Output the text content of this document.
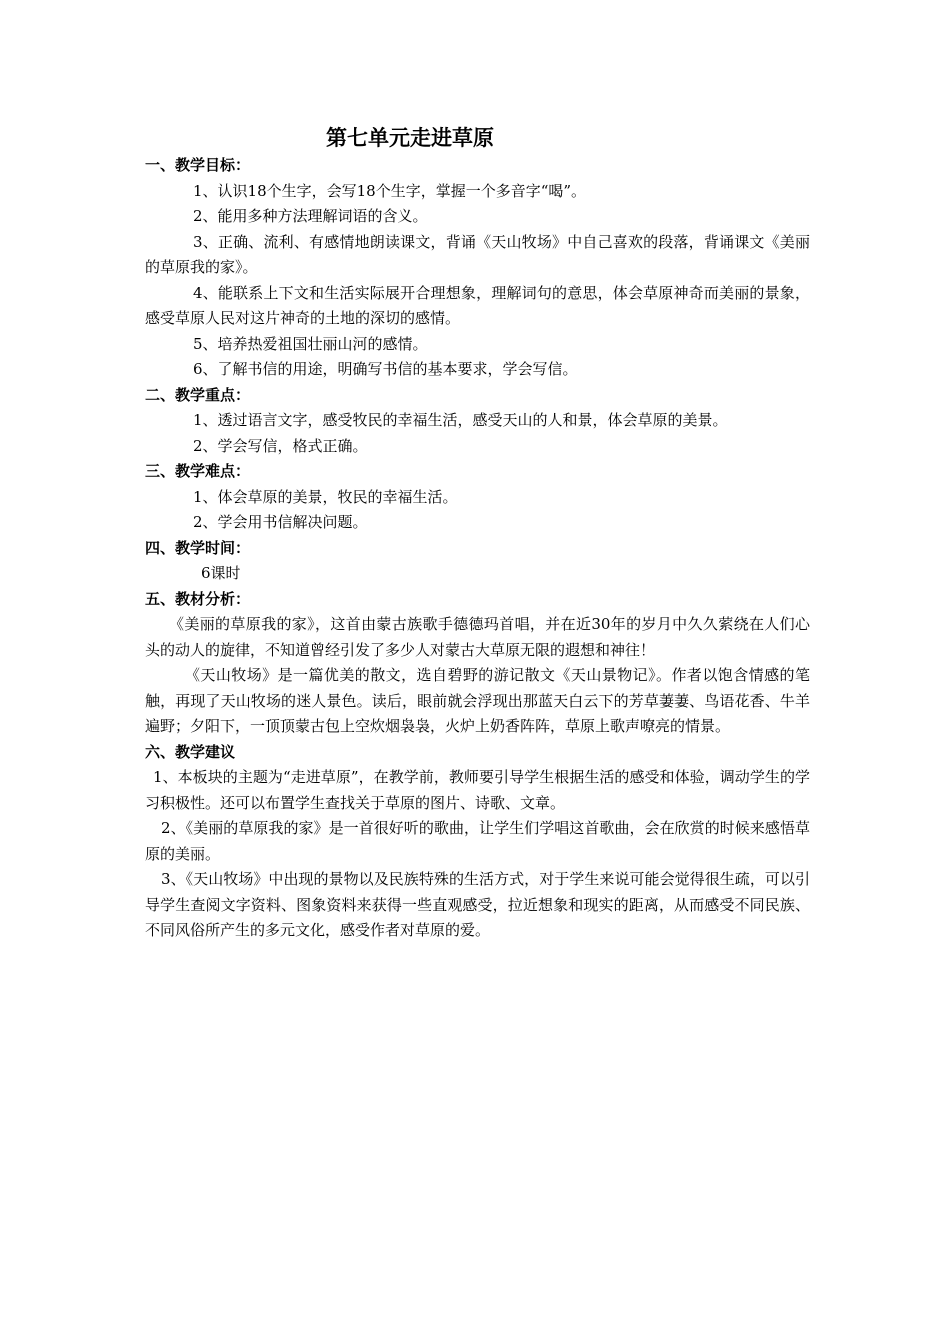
第七单元走进草原
一、教学目标：

1、认识18个生字，会写18个生字，掌握一个多音字“喝”。

2、能用多种方法理解词语的含义。

3、正确、流利、有感情地朗读课文，背诵《天山牧场》中自己喜欢的段落，背诵课文《美丽的草原我的家》。

4、能联系上下文和生活实际展开合理想象，理解词句的意思，体会草原神奇而美丽的景象，感受草原人民对这片神奇的土地的深切的感情。

5、培养热爱祖国壮丽山河的感情。

6、了解书信的用途，明确写书信的基本要求，学会写信。

二、教学重点：

1、透过语言文字，感受牧民的幸福生活，感受天山的人和景，体会草原的美景。

2、学会写信，格式正确。

三、教学难点：

1、体会草原的美景，牧民的幸福生活。

2、学会用书信解决问题。

四、教学时间：

6课时

五、教材分析：

《美丽的草原我的家》，这首由蒙古族歌手德德玛首唱，并在近30年的岁月中久久萦绕在人们心头的动人的旋律，不知道曾经引发了多少人对蒙古大草原无限的遐想和神往！

《天山牧场》是一篇优美的散文，选自碧野的游记散文《天山景物记》。作者以饱含情感的笔触，再现了天山牧场的迷人景色。读后，眼前就会浮现出那蓝天白云下的芳草萋萋、鸟语花香、牛羊遍野；夕阳下，一顶顶蒙古包上空炊烟袅袅，火炉上奶香阵阵，草原上歌声嘹亮的情景。

六、教学建议

1、本板块的主题为“走进草原”，在教学前，教师要引导学生根据生活的感受和体验，调动学生的学习积极性。还可以布置学生查找关于草原的图片、诗歌、文章。

2、《美丽的草原我的家》是一首很好听的歌曲，让学生们学唱这首歌曲，会在欣赏的时候来感悟草原的美丽。

3、《天山牧场》中出现的景物以及民族特殊的生活方式，对于学生来说可能会觉得很生疏，可以引导学生查阅文字资料、图象资料来获得一些直观感受，拉近想象和现实的距离，从而感受不同民族、不同风俗所产生的多元文化，感受作者对草原的爱。
